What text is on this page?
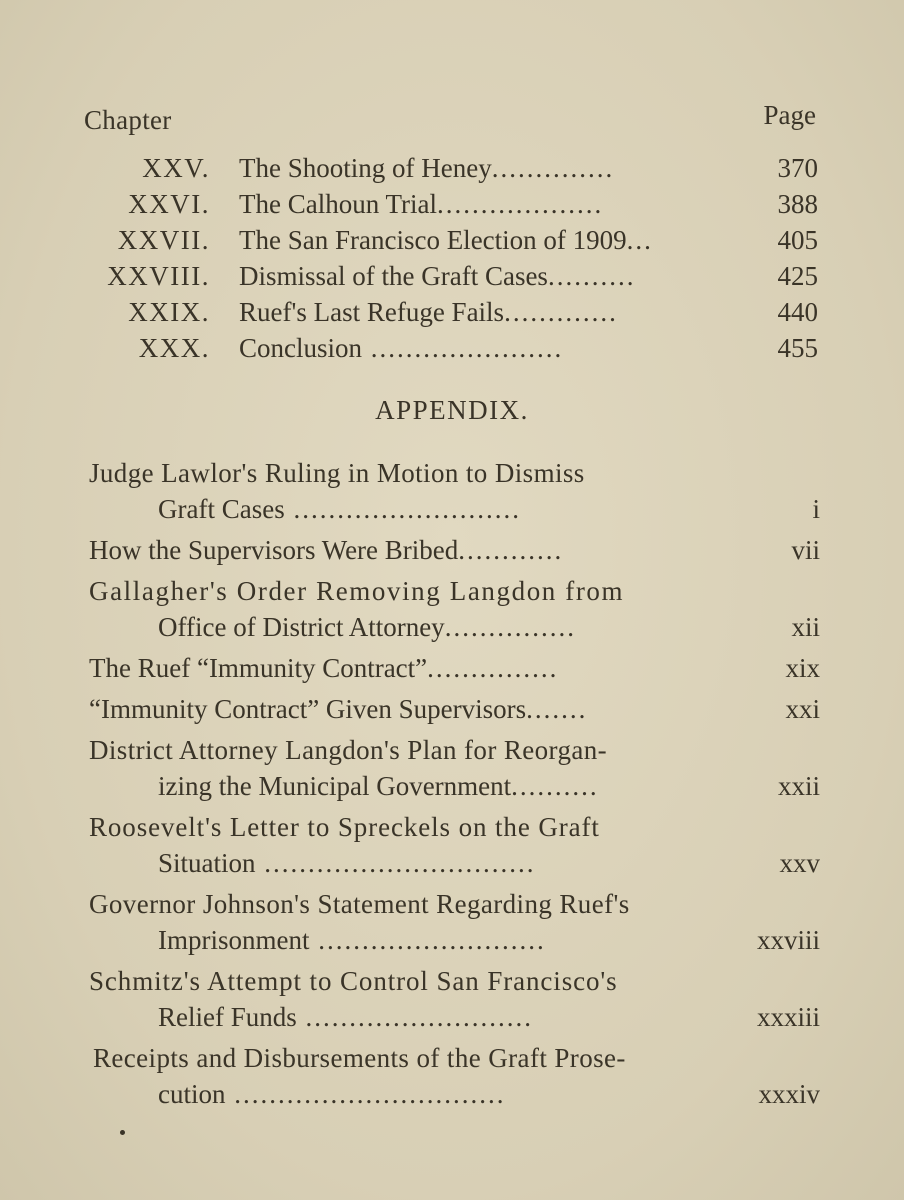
Chapter	Page
XXV. The Shooting of Heney..............	370
XXVI. The Calhoun Trial...................	388
XXVII. The San Francisco Election of 1909...	405
XXVIII. Dismissal of the Graft Cases..........	425
XXIX. Ruef's Last Refuge Fails.............	440
XXX. Conclusion ......................	455
APPENDIX.
Judge Lawlor's Ruling in Motion to Dismiss
Graft Cases ..........................	i
How the Supervisors Were Bribed............	vii
Gallagher's Order Removing Langdon from
Office of District Attorney...............	xii
The Ruef “Immunity Contract”...............	xix
“Immunity Contract” Given Supervisors.......	xxi
District Attorney Langdon's Plan for Reorgan-
izing the Municipal Government..........	xxii
Roosevelt's Letter to Spreckels on the Graft
Situation ...............................	xxv
Governor Johnson's Statement Regarding Ruef's
Imprisonment ..........................	xxviii
Schmitz's Attempt to Control San Francisco's
Relief Funds ..........................	xxxiii
Receipts and Disbursements of the Graft Prose-
cution ...............................	xxxiv
